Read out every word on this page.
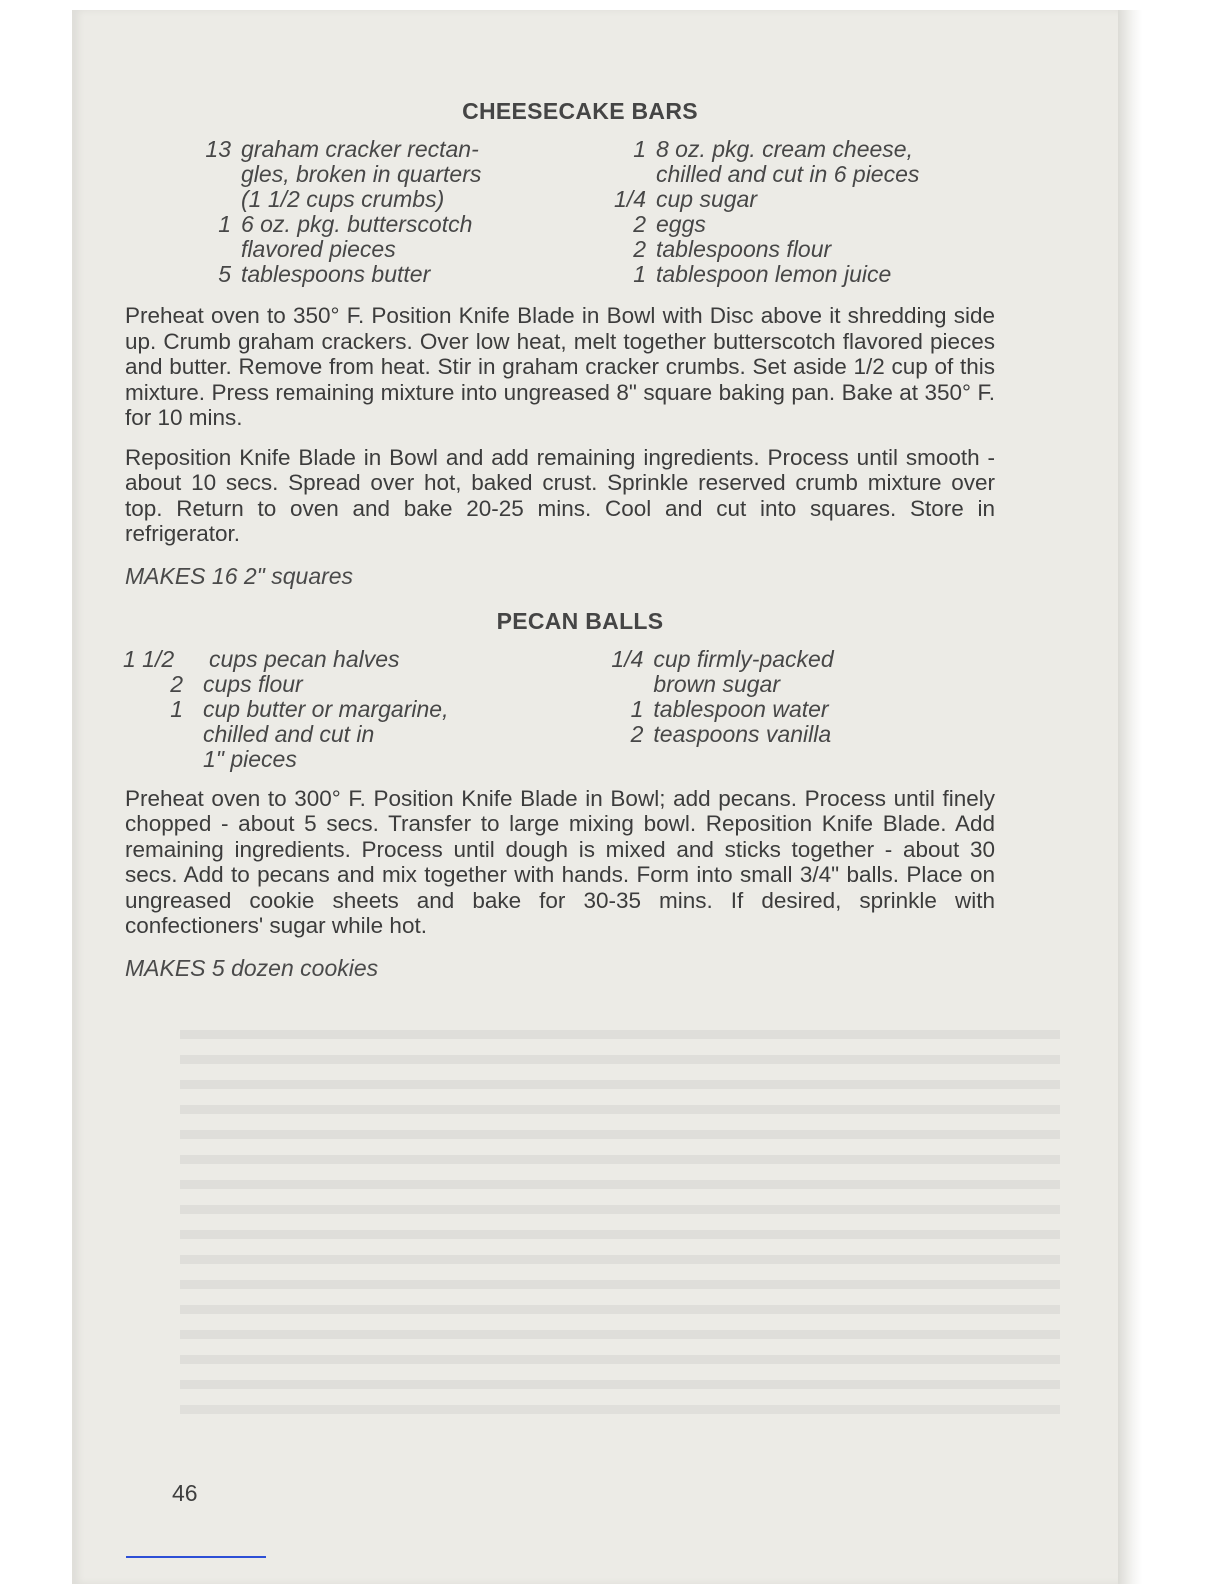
CHEESECAKE BARS
13 graham cracker rectan-
gles, broken in quarters
(1 1/2 cups crumbs)
1 6 oz. pkg. butterscotch
flavored pieces
5 tablespoons butter
1 8 oz. pkg. cream cheese,
chilled and cut in 6 pieces
1/4 cup sugar
2 eggs
2 tablespoons flour
1 tablespoon lemon juice

Preheat oven to 350° F. Position Knife Blade in Bowl with Disc above it shredding side up. Crumb graham crackers. Over low heat, melt together butterscotch flavored pieces and butter. Remove from heat. Stir in graham cracker crumbs. Set aside 1/2 cup of this mixture. Press remaining mixture into ungreased 8" square baking pan. Bake at 350° F. for 10 mins.

Reposition Knife Blade in Bowl and add remaining ingredients. Process until smooth - about 10 secs. Spread over hot, baked crust. Sprinkle reserved crumb mixture over top. Return to oven and bake 20-25 mins. Cool and cut into squares. Store in refrigerator.

MAKES 16 2" squares
PECAN BALLS
1 1/2	cups pecan halves
2 cups flour
1 cup butter or margarine,
chilled and cut in
1" pieces
1/4 cup firmly-packed
brown sugar
1 tablespoon water
2 teaspoons vanilla

Preheat oven to 300° F. Position Knife Blade in Bowl; add pecans. Process until finely chopped - about 5 secs. Transfer to large mixing bowl. Reposition Knife Blade. Add remaining ingredients. Process until dough is mixed and sticks together - about 30 secs. Add to pecans and mix together with hands. Form into small 3/4" balls. Place on ungreased cookie sheets and bake for 30-35 mins. If desired, sprinkle with confectioners' sugar while hot.

MAKES 5 dozen cookies
46
